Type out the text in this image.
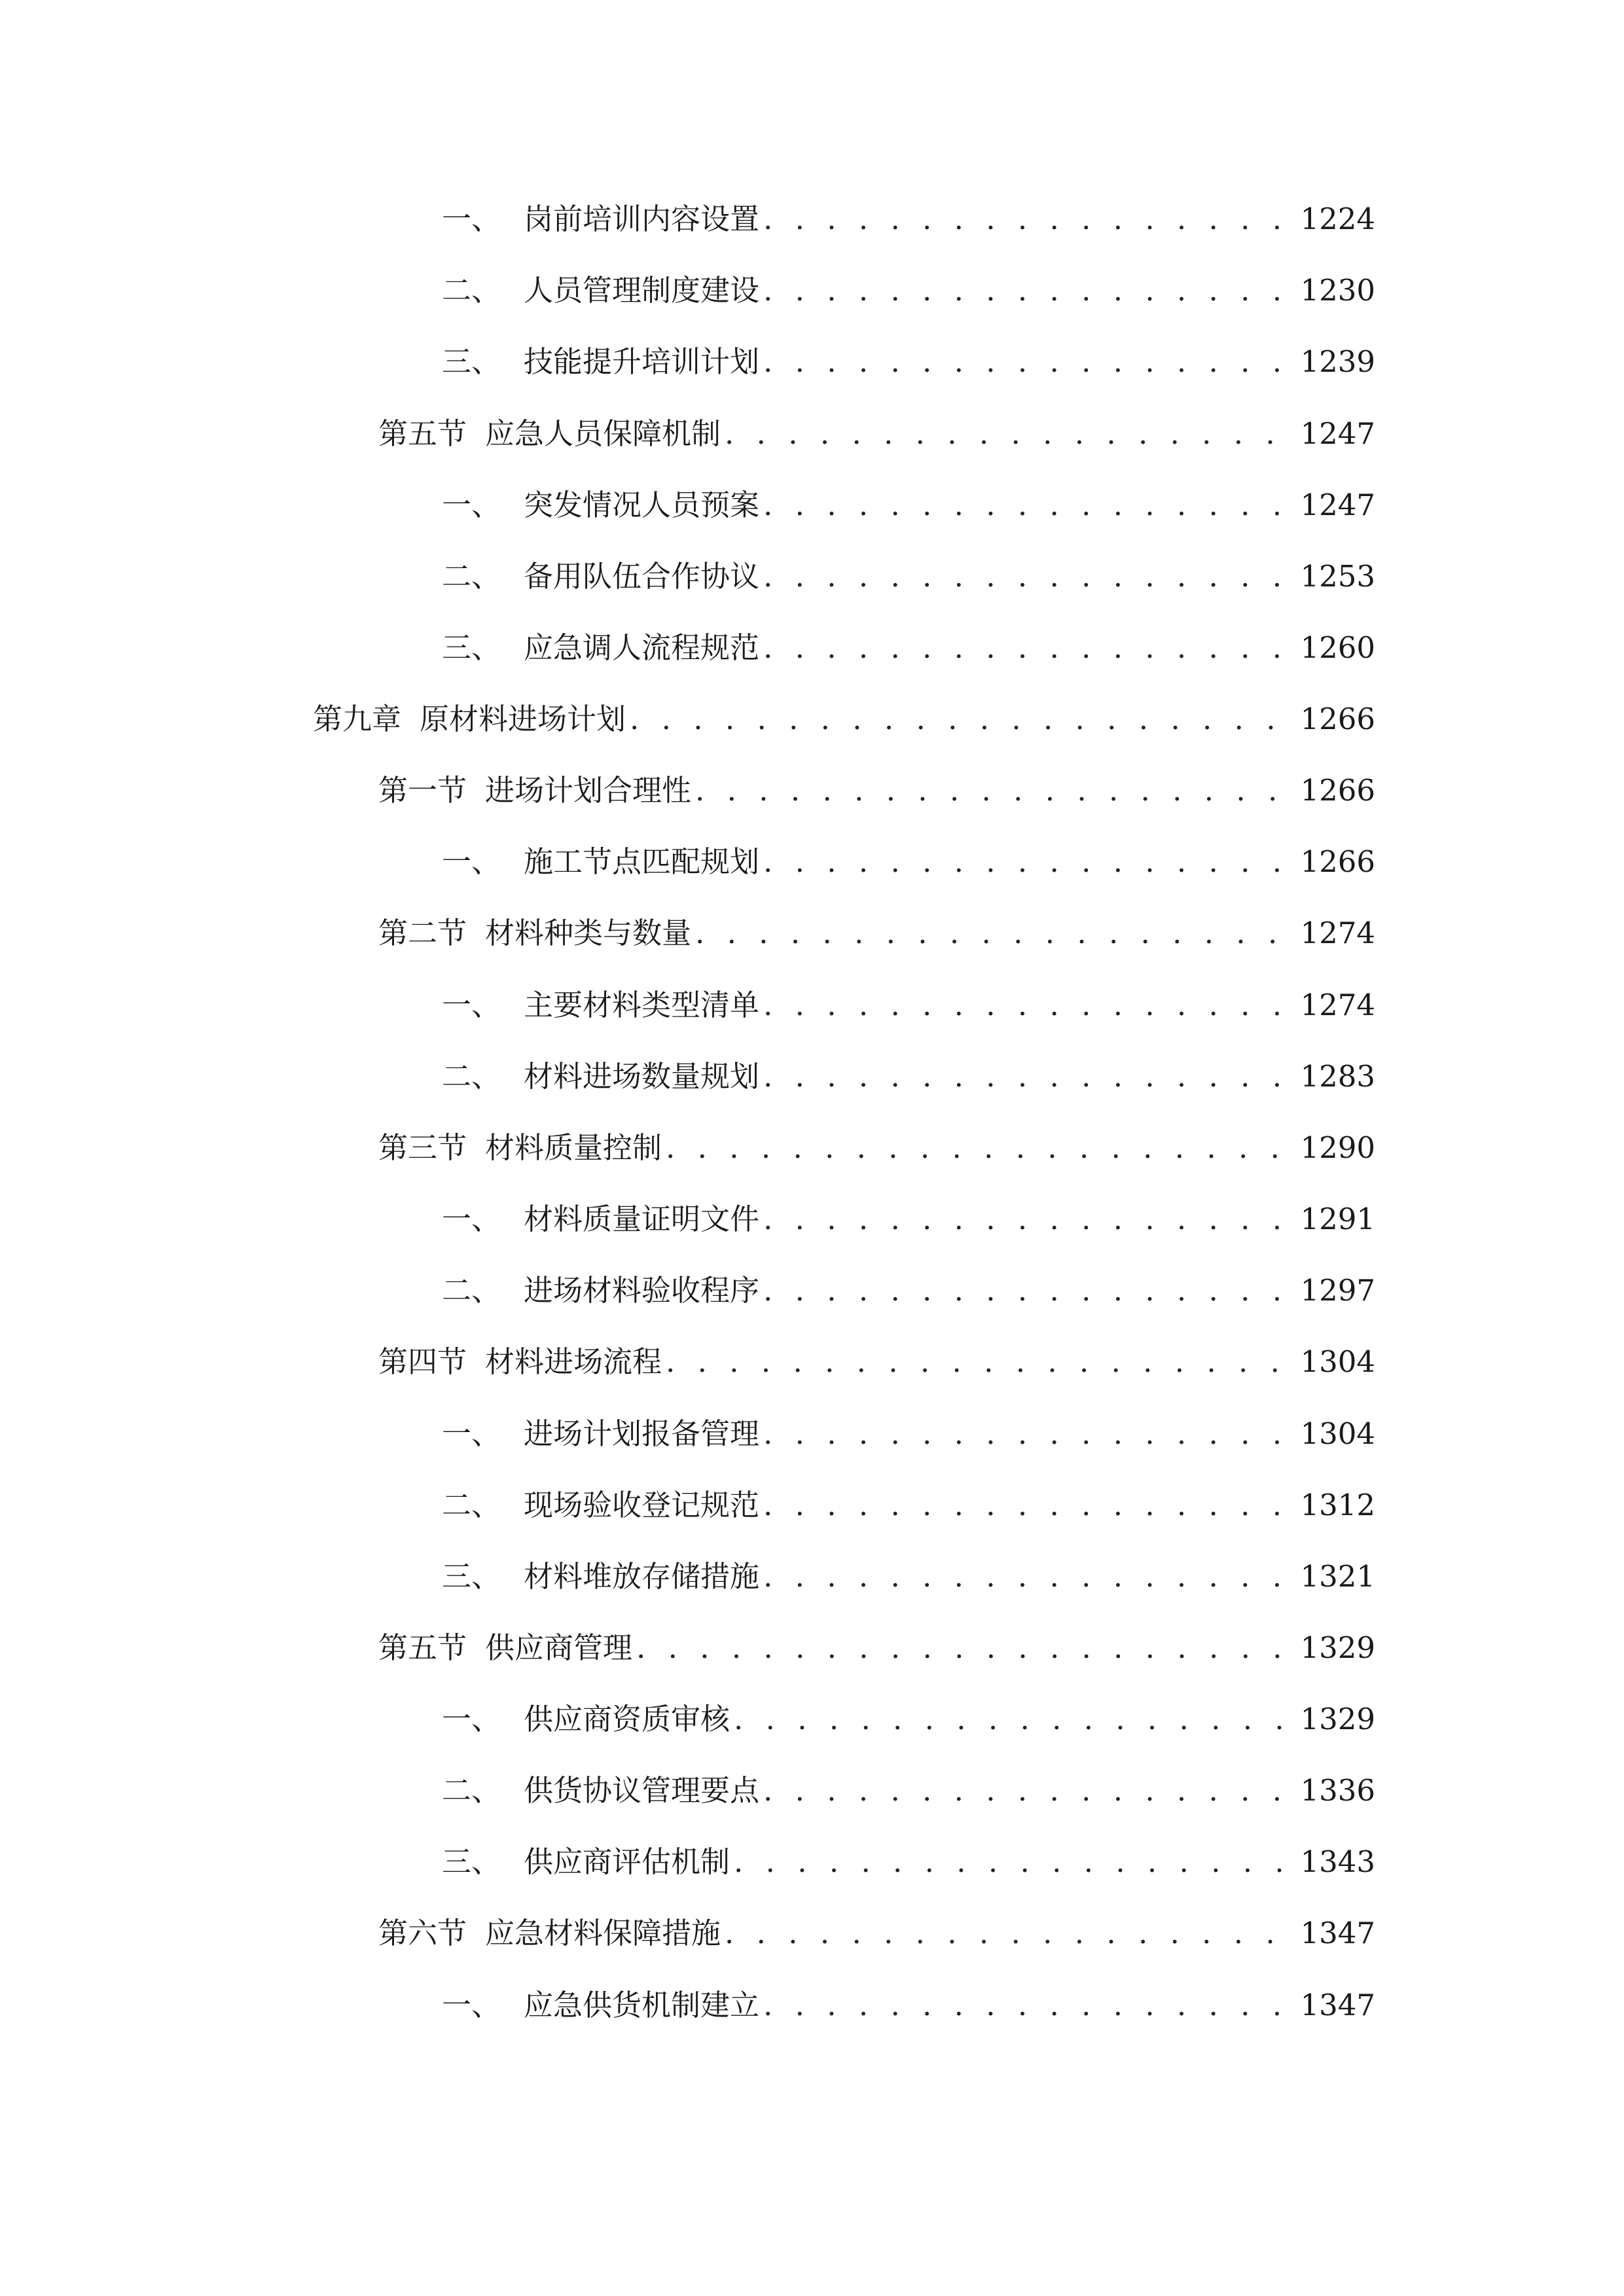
一、 岗前培训内容设置 . . .	1224
二、 人员管理制度建设 . . .	1230
三、 技能提升培训计划 . . .	1239
第五节 应急人员保障机制 . . .	1247
一、 突发情况人员预案 . . .	1247
二、 备用队伍合作协议 . . .	1253
三、 应急调人流程规范 . . .	1260
第九章 原材料进场计划 . . .	1266
第一节 进场计划合理性 . . .	1266
一、 施工节点匹配规划 . . .	1266
第二节 材料种类与数量 . . .	1274
一、 主要材料类型清单 . . .	1274
二、 材料进场数量规划 . . .	1283
第三节 材料质量控制 . . .	1290
一、 材料质量证明文件 . . .	1291
二、 进场材料验收程序 . . .	1297
第四节 材料进场流程 . . .	1304
一、 进场计划报备管理 . . .	1304
二、 现场验收登记规范 . . .	1312
三、 材料堆放存储措施 . . .	1321
第五节 供应商管理 . . .	1329
一、 供应商资质审核 . . .	1329
二、 供货协议管理要点 . . .	1336
三、 供应商评估机制 . . .	1343
第六节 应急材料保障措施 . . .	1347
一、 应急供货机制建立 . . .	1347
